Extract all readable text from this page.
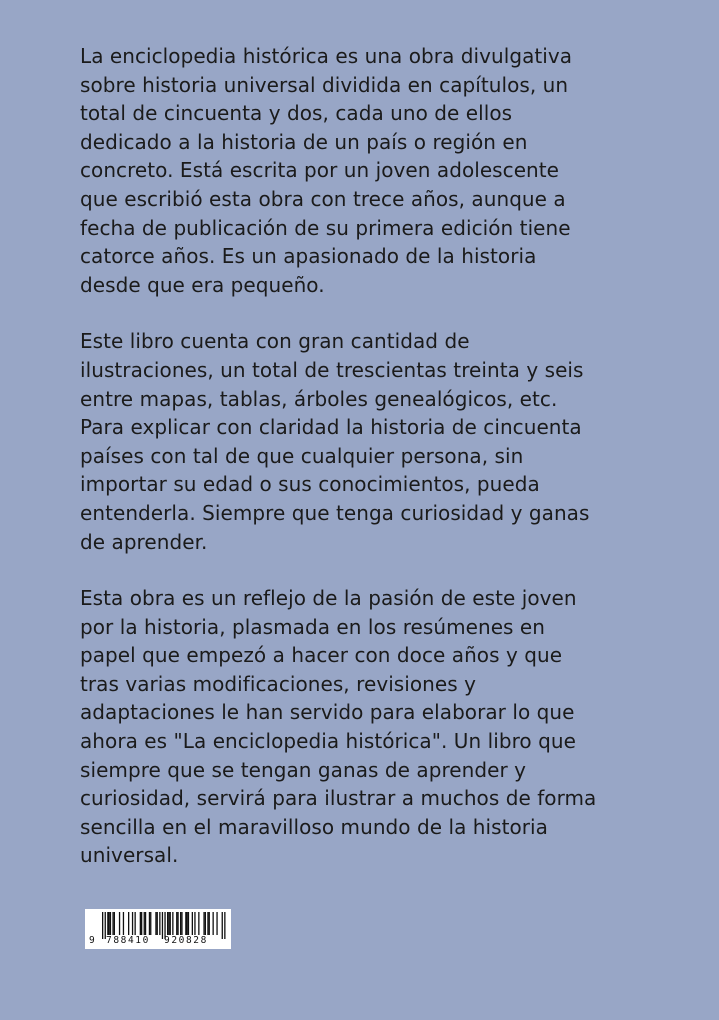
La enciclopedia histórica es una obra divulgativa
sobre historia universal dividida en capítulos, un
total de cincuenta y dos, cada uno de ellos
dedicado a la historia de un país o región en
concreto. Está escrita por un joven adolescente
que escribió esta obra con trece años, aunque a
fecha de publicación de su primera edición tiene
catorce años. Es un apasionado de la historia
desde que era pequeño.
Este libro cuenta con gran cantidad de
ilustraciones, un total de trescientas treinta y seis
entre mapas, tablas, árboles genealógicos, etc.
Para explicar con claridad la historia de cincuenta
países con tal de que cualquier persona, sin
importar su edad o sus conocimientos, pueda
entenderla. Siempre que tenga curiosidad y ganas
de aprender.
Esta obra es un reflejo de la pasión de este joven
por la historia, plasmada en los resúmenes en
papel que empezó a hacer con doce años y que
tras varias modificaciones, revisiones y
adaptaciones le han servido para elaborar lo que
ahora es "La enciclopedia histórica". Un libro que
siempre que se tengan ganas de aprender y
curiosidad, servirá para ilustrar a muchos de forma
sencilla en el maravilloso mundo de la historia
universal.
9 788410 920828
